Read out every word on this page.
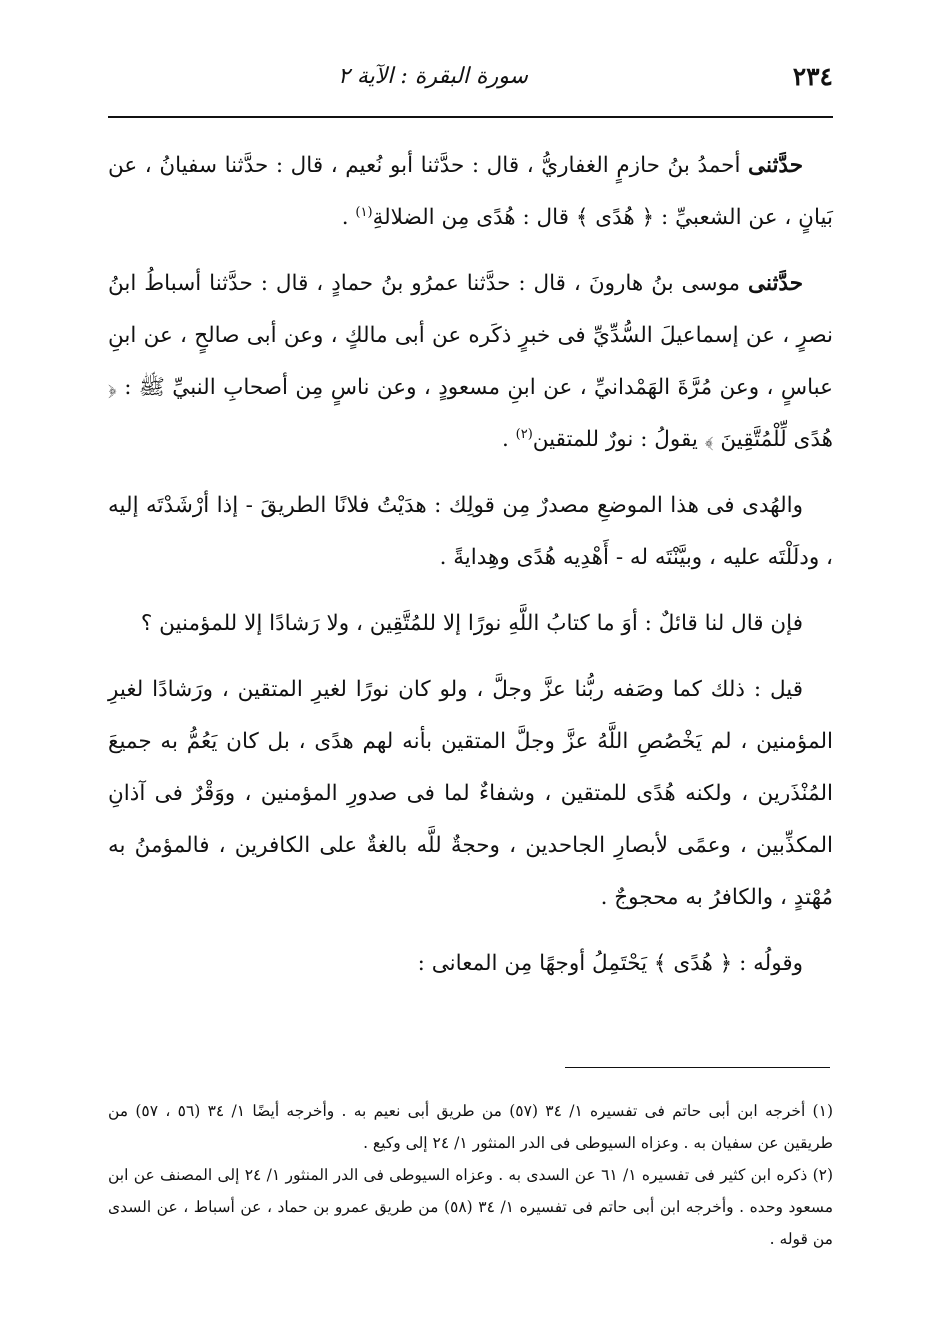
٢٣٤
سورة البقرة : الآية ٢

حدَّثنى أحمدُ بنُ حازمٍ الغفاريُّ ، قال : حدَّثنا أبو نُعيم ، قال : حدَّثنا سفيانُ ، عن بَيانٍ ، عن الشعبيِّ : ﴿ هُدًى ﴾ قال : هُدًى مِن الضلالةِ$^{(١)}$ .

حدَّثنى موسى بنُ هارونَ ، قال : حدَّثنا عمرُو بنُ حمادٍ ، قال : حدَّثنا أسباطُ ابنُ نصرٍ ، عن إسماعيلَ السُّدِّيِّ فى خبرٍ ذكَره عن أبى مالكٍ ، وعن أبى صالحٍ ، عن ابنِ عباسٍ ، وعن مُرَّةَ الهَمْدانيِّ ، عن ابنِ مسعودٍ ، وعن ناسٍ مِن أصحابِ النبيِّ ﷺ : ﴿ هُدًى لِّلْمُتَّقِينَ ﴾ يقولُ : نورٌ للمتقين$^{(٢)}$ .

والهُدى فى هذا الموضعِ مصدرٌ مِن قولِك : هدَيْتُ فلانًا الطريقَ - إذا أرْشَدْتَه إليه ، ودلَلْتَه عليه ، وبيَّنْتَه له - أَهْدِيه هُدًى وهِدايةً .

فإن قال لنا قائلٌ : أوَ ما كتابُ اللَّهِ نورًا إلا للمُتَّقِين ، ولا رَشادًا إلا للمؤمنين ؟

قيل : ذلك كما وصَفه ربُّنا عزَّ وجلَّ ، ولو كان نورًا لغيرِ المتقين ، ورَشادًا لغيرِ المؤمنين ، لم يَخْصُصِ اللَّهُ عزَّ وجلَّ المتقين بأنه لهم هدًى ، بل كان يَعُمُّ به جميعَ المُنْذَرين ، ولكنه هُدًى للمتقين ، وشفاءٌ لما فى صدورِ المؤمنين ، ووَقْرٌ فى آذانِ المكذِّبين ، وعمًى لأبصارِ الجاحدين ، وحجةٌ للَّه بالغةٌ على الكافرين ، فالمؤمنُ به مُهْتدٍ ، والكافرُ به محجوجٌ .

وقولُه : ﴿ هُدًى ﴾ يَحْتَمِلُ أوجهًا مِن المعانى :

(١) أخرجه ابن أبى حاتم فى تفسيره ١/ ٣٤ (٥٧) من طريق أبى نعيم به . وأخرجه أيضًا ١/ ٣٤ (٥٦ ، ٥٧) من طريقين عن سفيان به . وعزاه السيوطى فى الدر المنثور ١/ ٢٤ إلى وكيع .

(٢) ذكره ابن كثير فى تفسيره ١/ ٦١ عن السدى به . وعزاه السيوطى فى الدر المنثور ١/ ٢٤ إلى المصنف عن ابن مسعود وحده . وأخرجه ابن أبى حاتم فى تفسيره ١/ ٣٤ (٥٨) من طريق عمرو بن حماد ، عن أسباط ، عن السدى من قوله .
